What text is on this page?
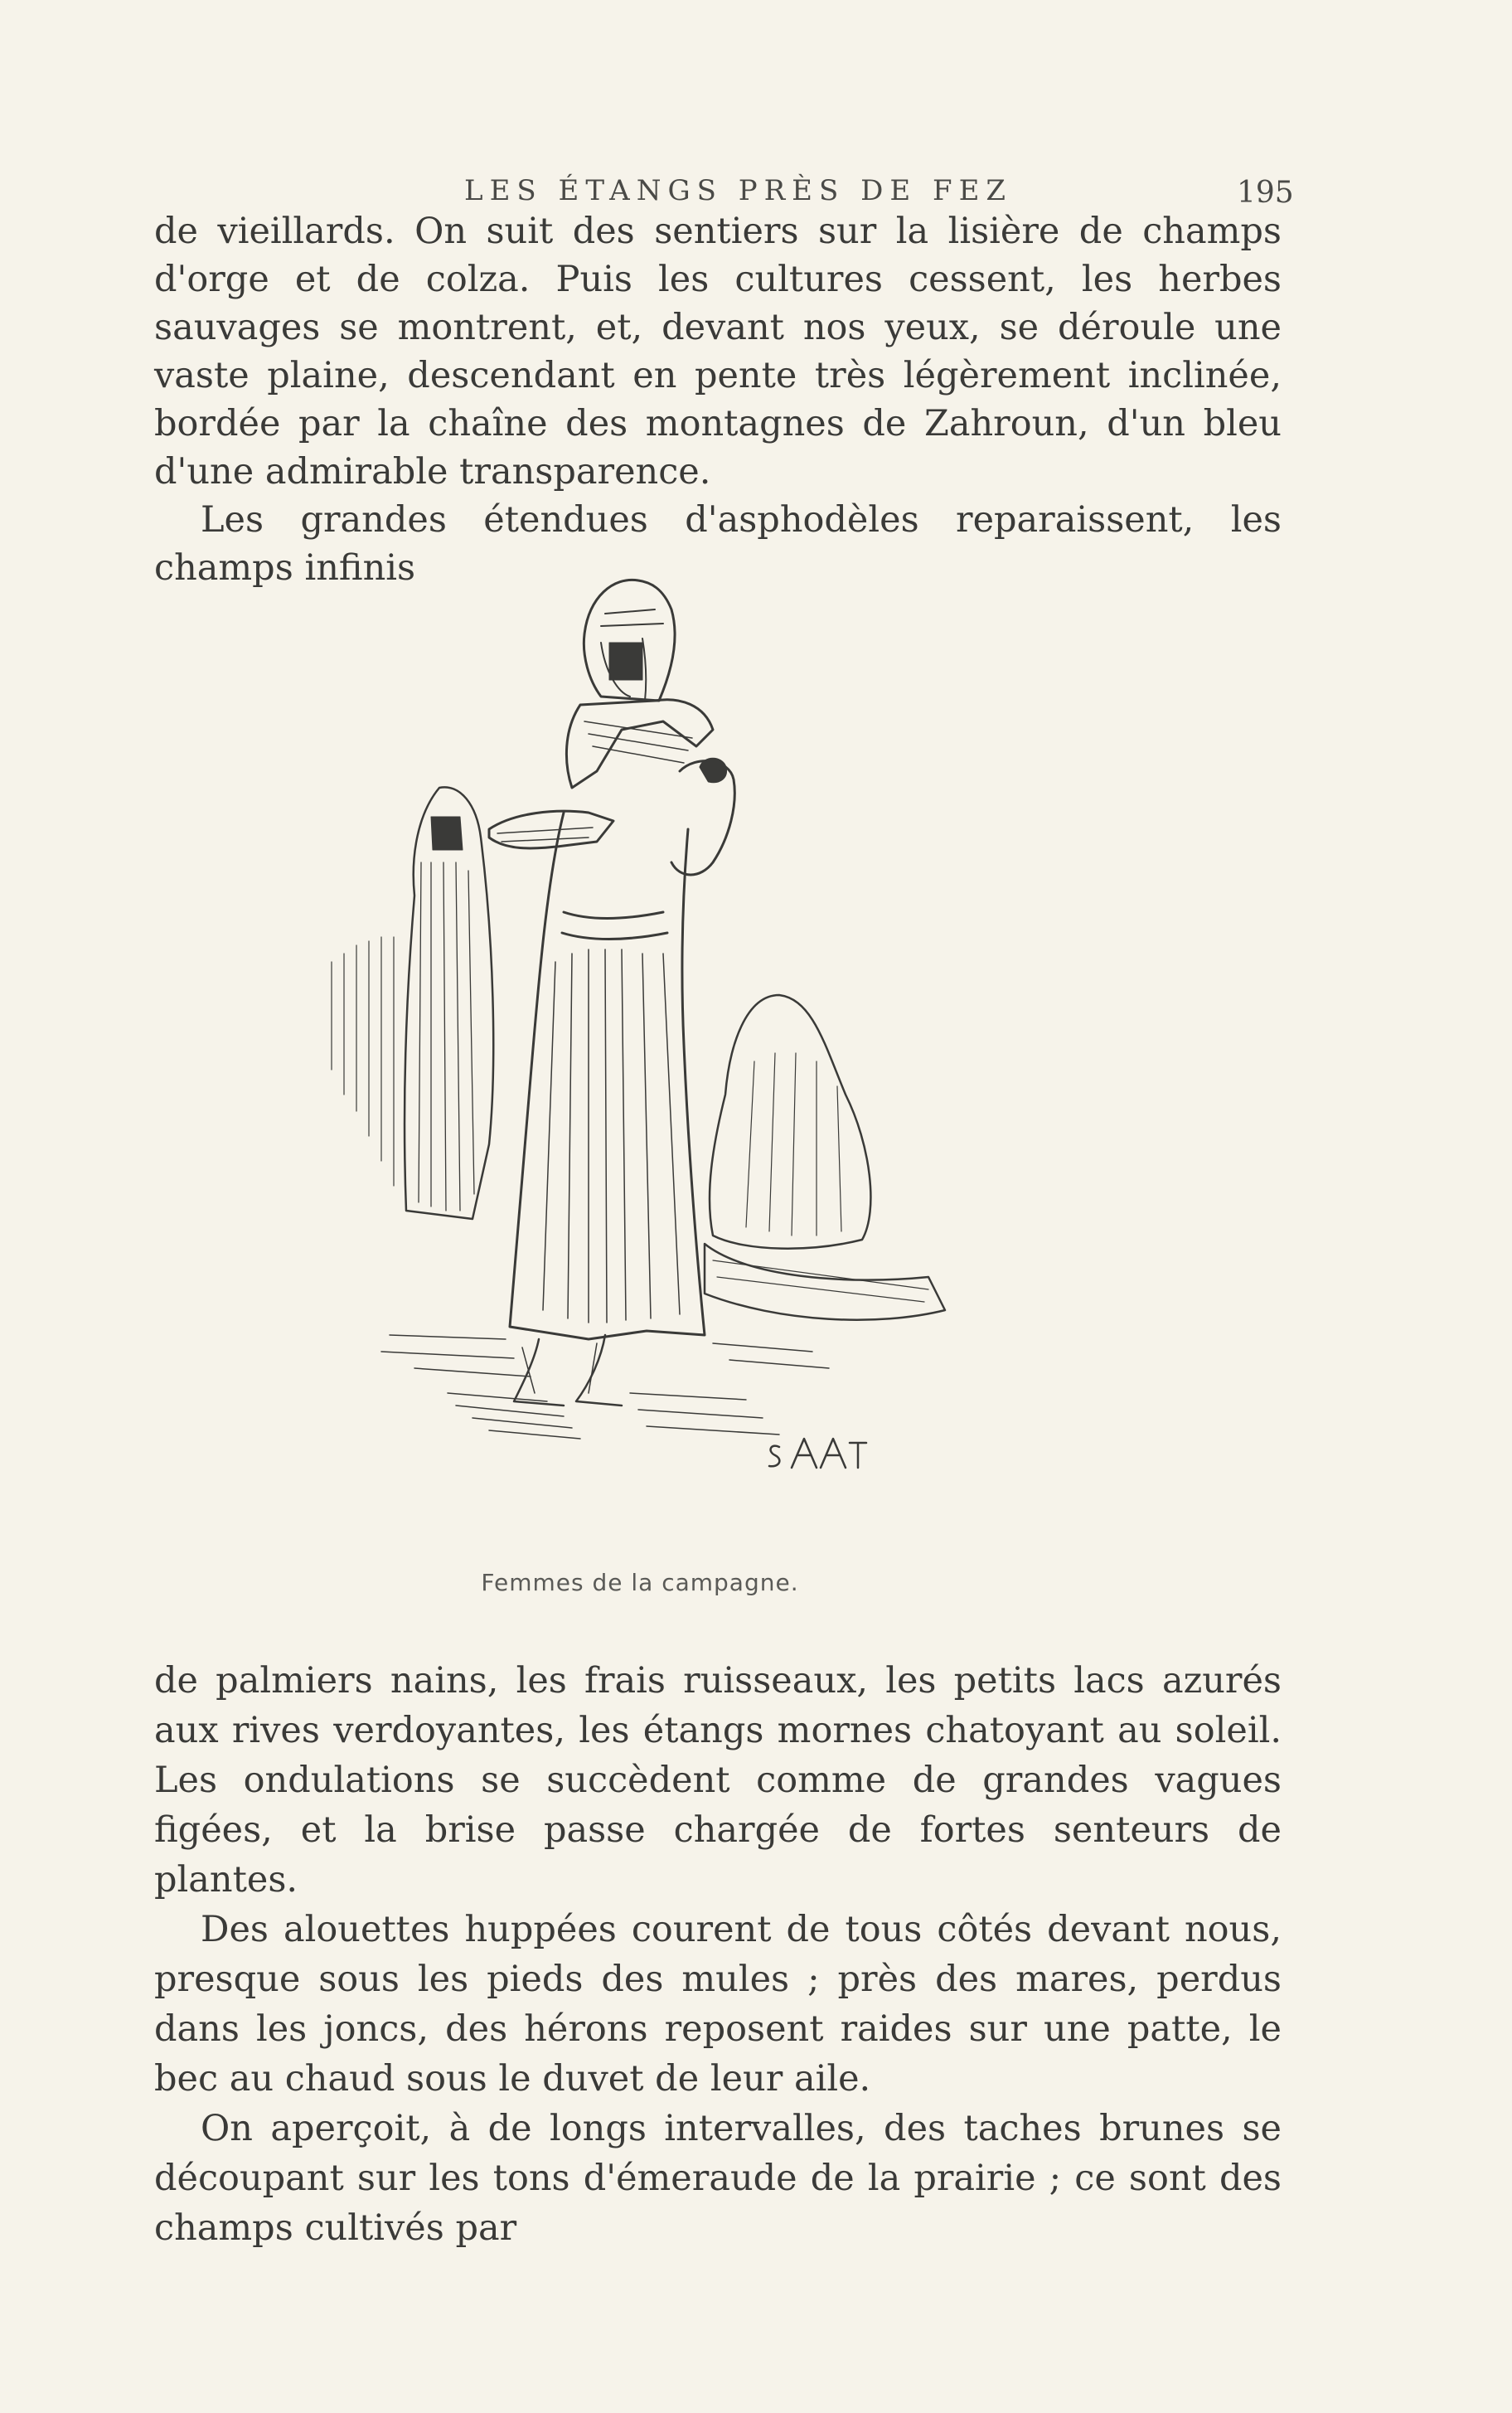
LES ÉTANGS PRÈS DE FEZ	195

de vieillards. On suit des sentiers sur la lisière de champs d'orge et de colza. Puis les cultures cessent, les herbes sauvages se montrent, et, devant nos yeux, se déroule une vaste plaine, descendant en pente très légèrement inclinée, bordée par la chaîne des montagnes de Zahroun, d'un bleu d'une admirable transparence.

Les grandes étendues d'asphodèles reparaissent, les champs infinis

Femmes de la campagne.

de palmiers nains, les frais ruisseaux, les petits lacs azurés aux rives verdoyantes, les étangs mornes chatoyant au soleil. Les ondulations se succèdent comme de grandes vagues figées, et la brise passe chargée de fortes senteurs de plantes.

Des alouettes huppées courent de tous côtés devant nous, presque sous les pieds des mules ; près des mares, perdus dans les joncs, des hérons reposent raides sur une patte, le bec au chaud sous le duvet de leur aile.

On aperçoit, à de longs intervalles, des taches brunes se découpant sur les tons d'émeraude de la prairie ; ce sont des champs cultivés par
